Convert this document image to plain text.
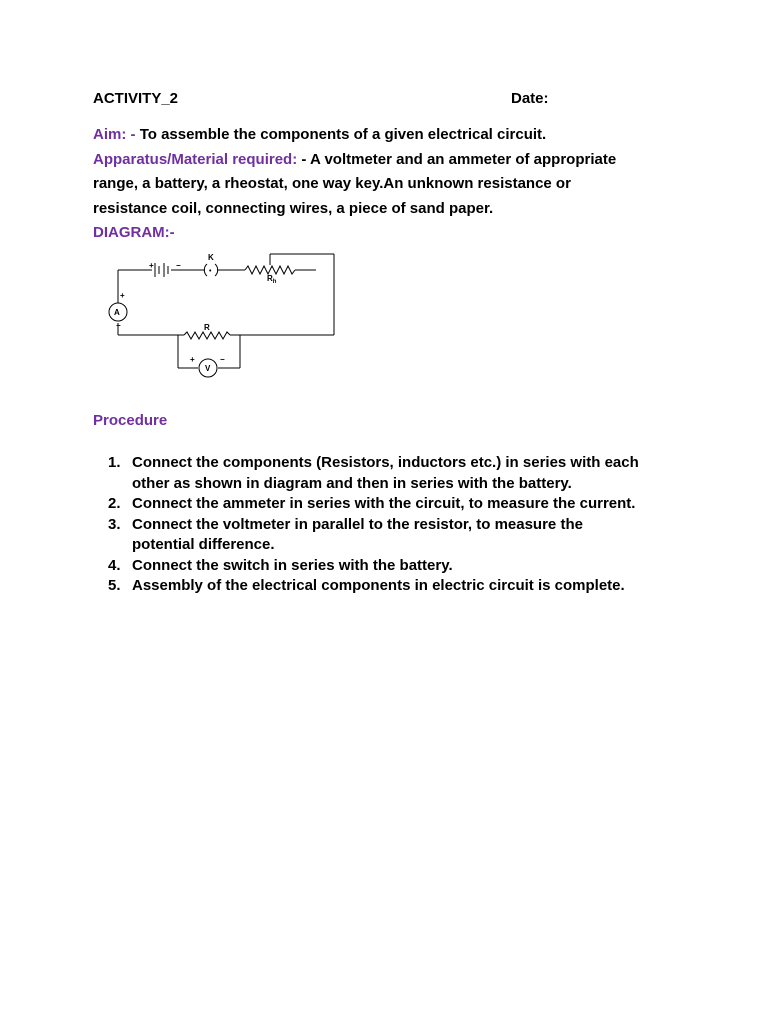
ACTIVITY_2	Date:
Aim: - To assemble the components of a given electrical circuit.
Apparatus/Material required: - A voltmeter and an ammeter of appropriate
range, a battery, a rheostat, one way key.An unknown resistance or
resistance coil, connecting wires, a piece of sand paper.
DIAGRAM:-
+	−
K
•
$R_h$
A
+
−	R
V
+	−
Procedure
1. Connect the components (Resistors, inductors etc.) in series with each
other as shown in diagram and then in series with the battery.
2. Connect the ammeter in series with the circuit, to measure the current.
3. Connect the voltmeter in parallel to the resistor, to measure the
potential difference.
4. Connect the switch in series with the battery.
5. Assembly of the electrical components in electric circuit is complete.
